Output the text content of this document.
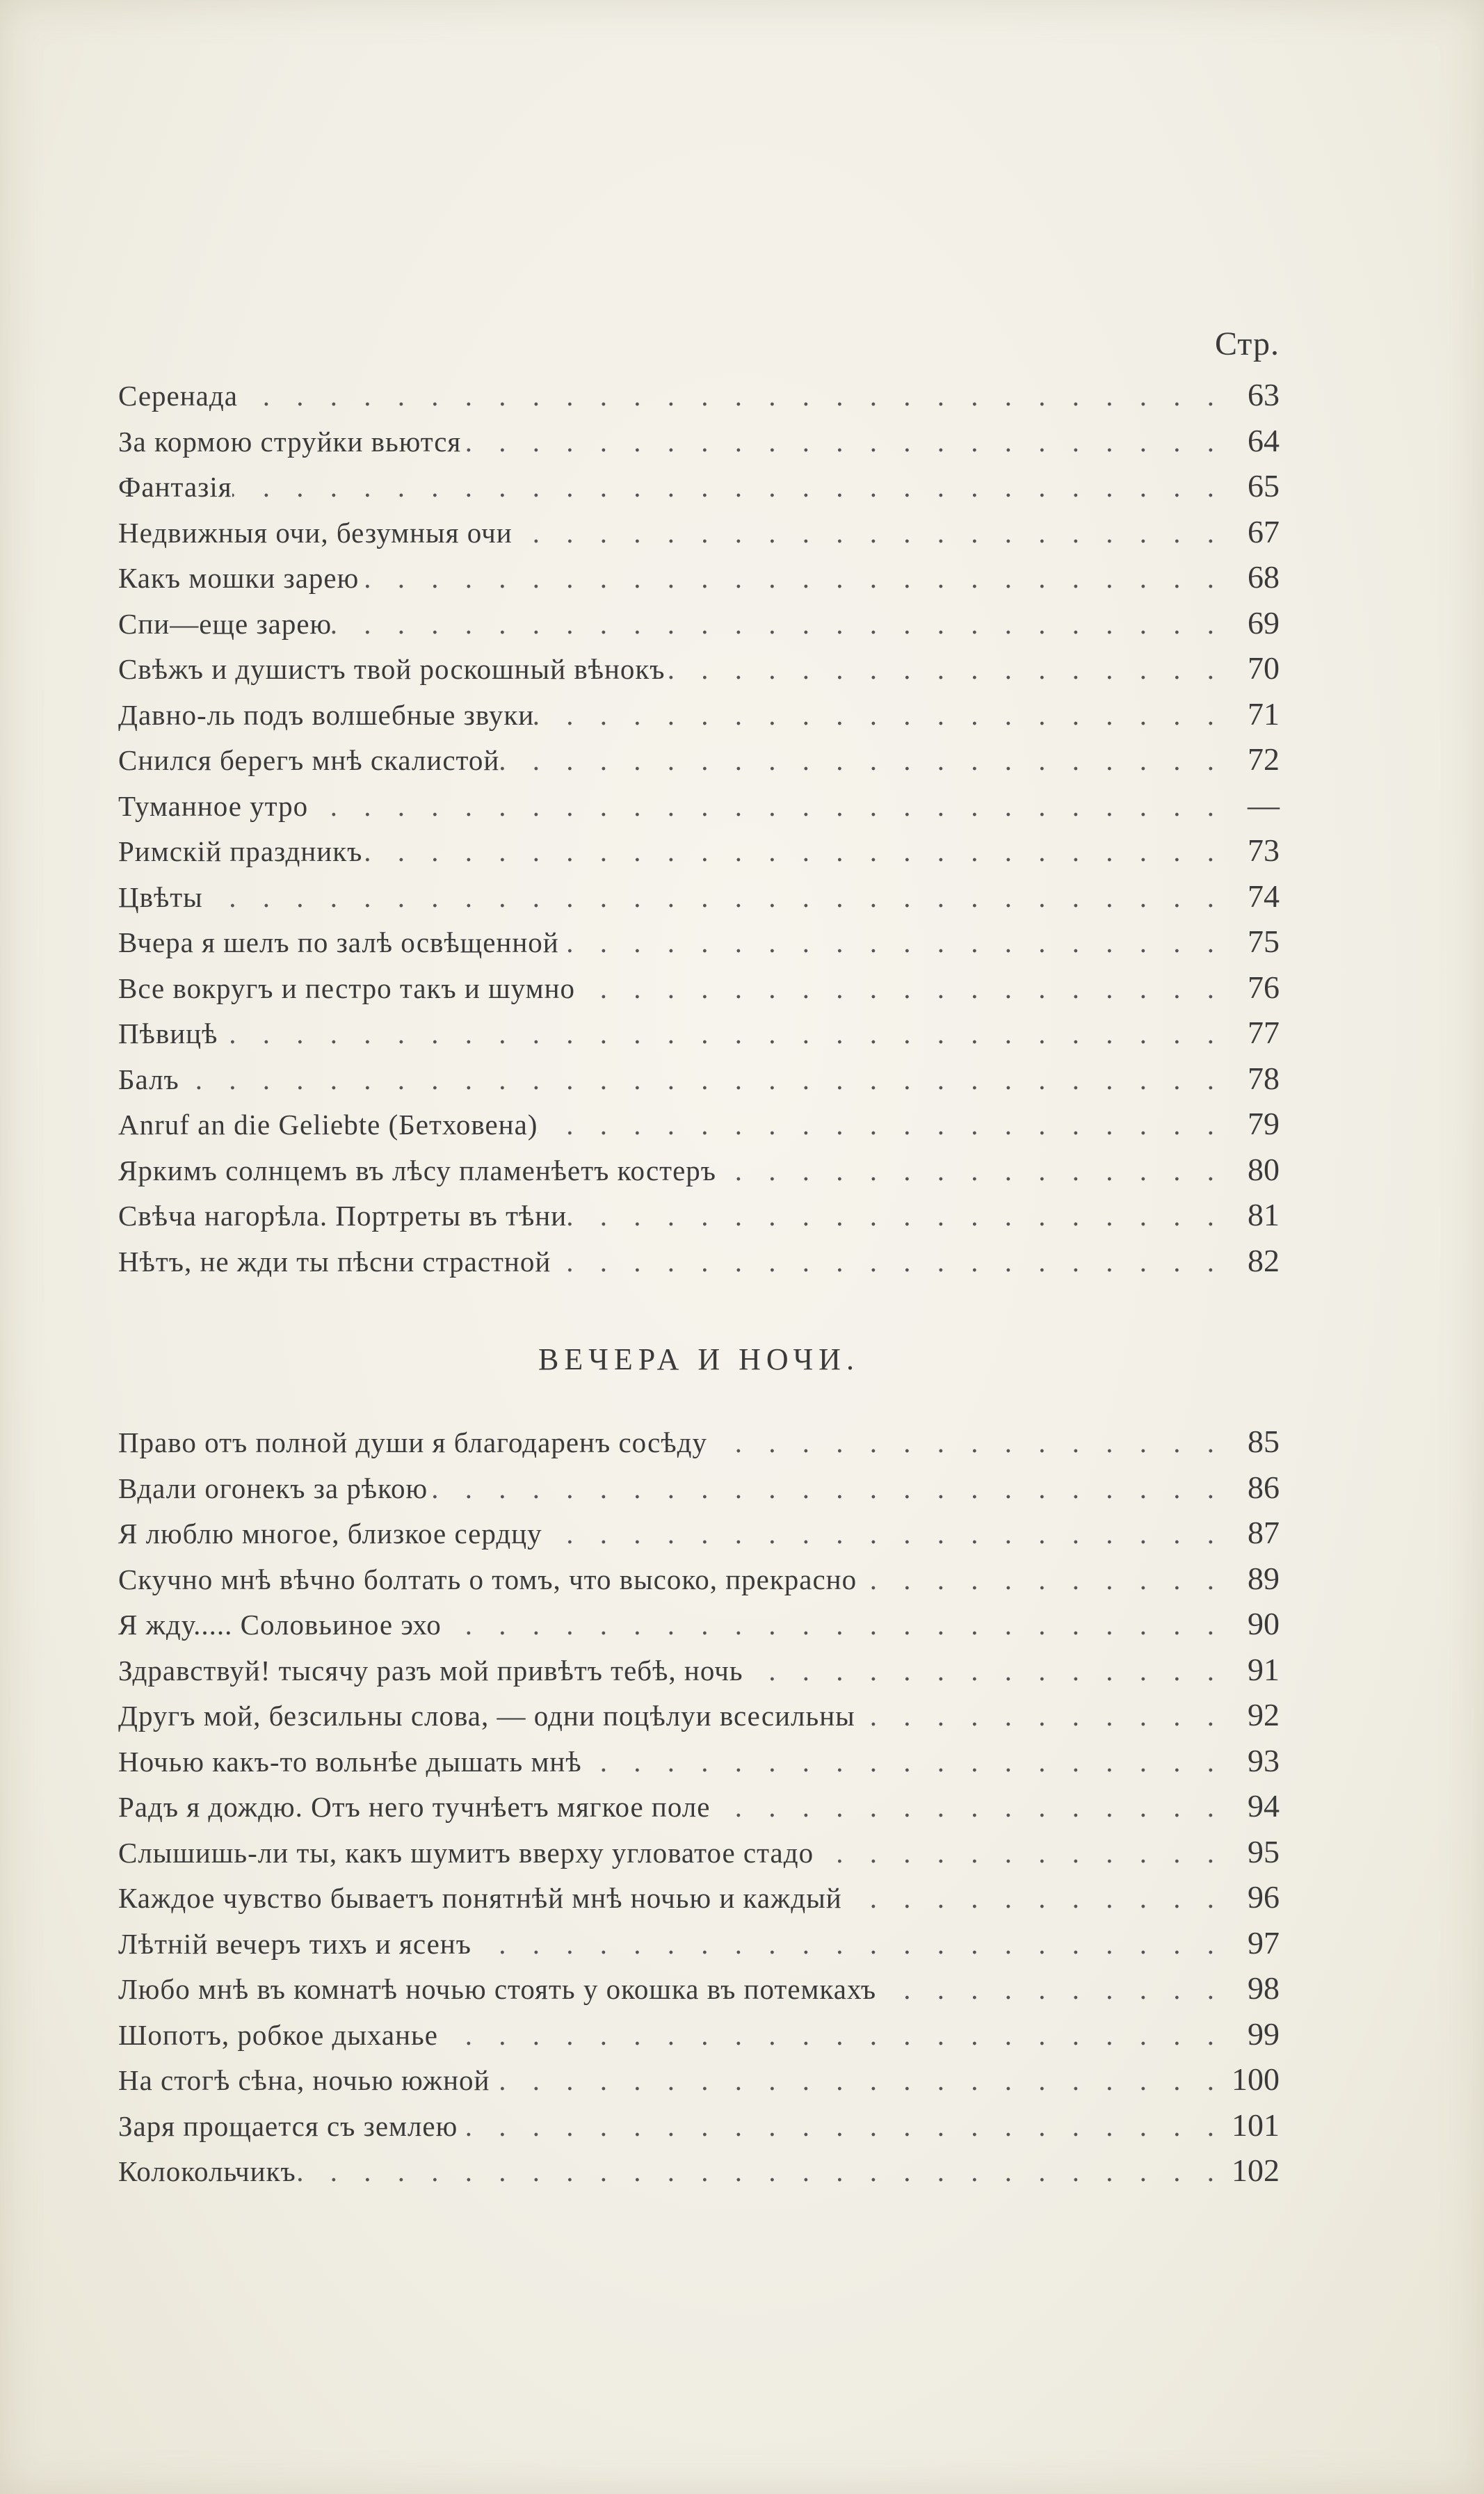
Стр.
Серенада . . .	63
За кормою струйки вьются . . .	64
Фантазія . . .	65
Недвижныя очи, безумныя очи . . .	67
Какъ мошки зарею . . .	68
Спи—еще зарею . . .	69
Свѣжъ и душистъ твой роскошный вѣнокъ . . .	70
Давно-ль подъ волшебные звуки . . .	71
Снился берегъ мнѣ скалистой . . .	72
Туманное утро . . .	—
Римскій праздникъ . . .	73
Цвѣты . . .	74
Вчера я шелъ по залѣ освѣщенной . . .	75
Все вокругъ и пестро такъ и шумно . . .	76
Пѣвицѣ . . .	77
Балъ . . .	78
Anruf an die Geliebte (Бетховена) . . .	79
Яркимъ солнцемъ въ лѣсу пламенѣетъ костеръ . . .	80
Свѣча нагорѣла. Портреты въ тѣни . . .	81
Нѣтъ, не жди ты пѣсни страстной . . .	82
ВЕЧЕРА И НОЧИ.
Право отъ полной души я благодаренъ сосѣду . . .	85
Вдали огонекъ за рѣкою . . .	86
Я люблю многое, близкое сердцу . . .	87
Скучно мнѣ вѣчно болтать о томъ, что высоко, прекрасно . . .	89
Я жду..... Соловьиное эхо . . .	90
Здравствуй! тысячу разъ мой привѣтъ тебѣ, ночь . . .	91
Другъ мой, безсильны слова, — одни поцѣлуи всесильны . . .	92
Ночью какъ-то вольнѣе дышать мнѣ . . .	93
Радъ я дождю. Отъ него тучнѣетъ мягкое поле . . .	94
Слышишь-ли ты, какъ шумитъ вверху угловатое стадо . . .	95
Каждое чувство бываетъ понятнѣй мнѣ ночью и каждый . . .	96
Лѣтній вечеръ тихъ и ясенъ . . .	97
Любо мнѣ въ комнатѣ ночью стоять у окошка въ потемкахъ . . .	98
Шопотъ, робкое дыханье . . .	99
На стогѣ сѣна, ночью южной . . .	100
Заря прощается съ землею . . .	101
Колокольчикъ . . .	102
